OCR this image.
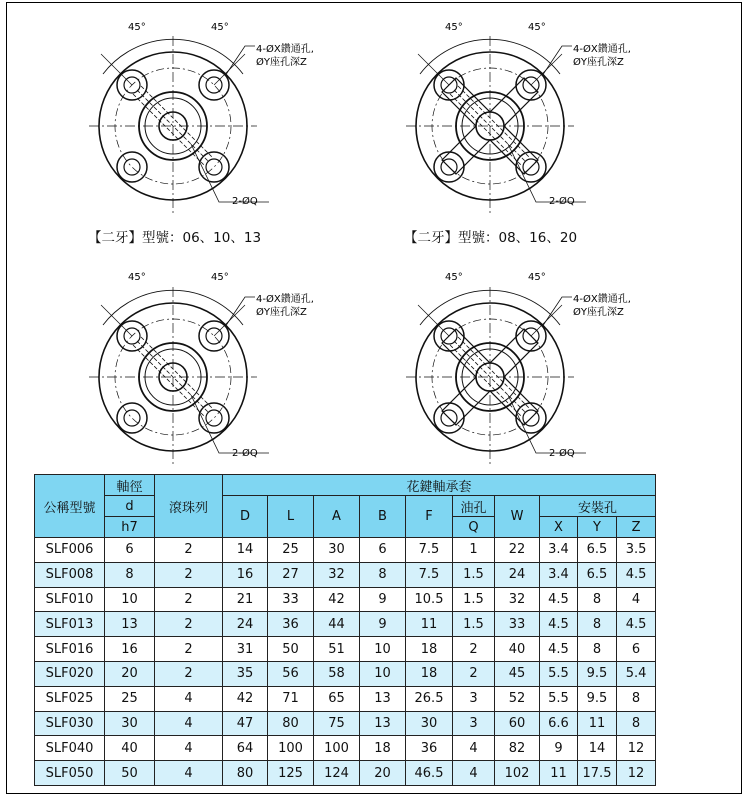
45°	45°
4-ØX鑽通孔,
ØY座孔深Z
2-ØQ
45°	45°
4-ØX鑽通孔,
ØY座孔深Z
2-ØQ
45°	45°
4-ØX鑽通孔,
ØY座孔深Z
2-ØQ
45°	45°
4-ØX鑽通孔,
ØY座孔深Z
2-ØQ
【二牙】型號：06、10、13	【二牙】型號：08、16、20
公稱型號	軸徑	滾珠列	花鍵軸承套									
	d		D	L	A	B	F	油孔	W	安裝孔		
	h7							Q		X	Y	Z
SLF006	6	2	14	25	30	6	7.5	1	22	3.4	6.5	3.5
SLF008	8	2	16	27	32	8	7.5	1.5	24	3.4	6.5	4.5
SLF010	10	2	21	33	42	9	10.5	1.5	32	4.5	8	4
SLF013	13	2	24	36	44	9	11	1.5	33	4.5	8	4.5
SLF016	16	2	31	50	51	10	18	2	40	4.5	8	6
SLF020	20	2	35	56	58	10	18	2	45	5.5	9.5	5.4
SLF025	25	4	42	71	65	13	26.5	3	52	5.5	9.5	8
SLF030	30	4	47	80	75	13	30	3	60	6.6	11	8
SLF040	40	4	64	100	100	18	36	4	82	9	14	12
SLF050	50	4	80	125	124	20	46.5	4	102	11	17.5	12
